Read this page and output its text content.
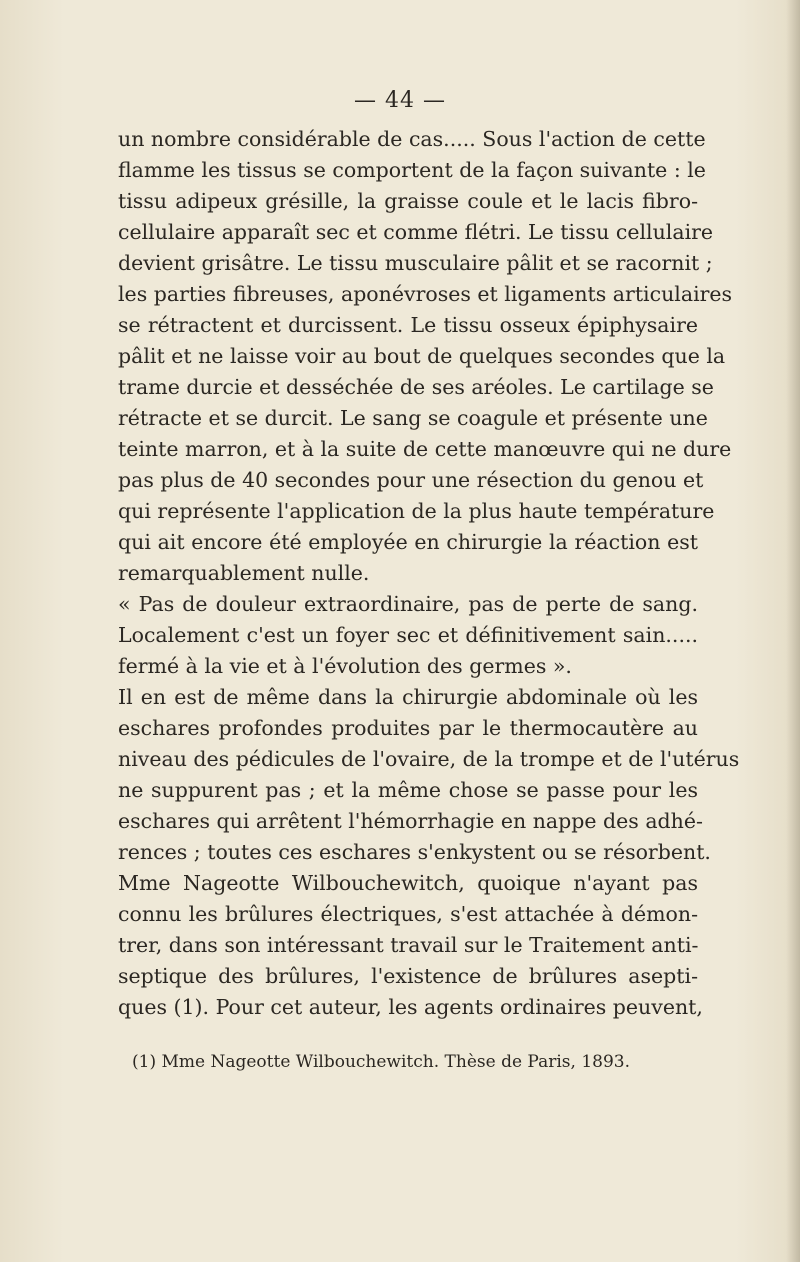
— 44 —
un nombre considérable de cas..... Sous l'action de cette
flamme les tissus se comportent de la façon suivante : le
tissu adipeux grésille, la graisse coule et le lacis fibro-
cellulaire apparaît sec et comme flétri. Le tissu cellulaire
devient grisâtre. Le tissu musculaire pâlit et se racornit ;
les parties fibreuses, aponévroses et ligaments articulaires
se rétractent et durcissent. Le tissu osseux épiphysaire
pâlit et ne laisse voir au bout de quelques secondes que la
trame durcie et desséchée de ses aréoles. Le cartilage se
rétracte et se durcit. Le sang se coagule et présente une
teinte marron, et à la suite de cette manœuvre qui ne dure
pas plus de 40 secondes pour une résection du genou et
qui représente l'application de la plus haute température
qui ait encore été employée en chirurgie la réaction est
remarquablement nulle.
« Pas de douleur extraordinaire, pas de perte de sang.
Localement c'est un foyer sec et définitivement sain.....
fermé à la vie et à l'évolution des germes ».
Il en est de même dans la chirurgie abdominale où les
eschares profondes produites par le thermocautère au
niveau des pédicules de l'ovaire, de la trompe et de l'utérus
ne suppurent pas ; et la même chose se passe pour les
eschares qui arrêtent l'hémorrhagie en nappe des adhé-
rences ; toutes ces eschares s'enkystent ou se résorbent.
Mme Nageotte Wilbouchewitch, quoique n'ayant pas
connu les brûlures électriques, s'est attachée à démon-
trer, dans son intéressant travail sur le Traitement anti-
septique des brûlures, l'existence de brûlures asepti-
ques (1). Pour cet auteur, les agents ordinaires peuvent,
(1) Mme Nageotte Wilbouchewitch. Thèse de Paris, 1893.
